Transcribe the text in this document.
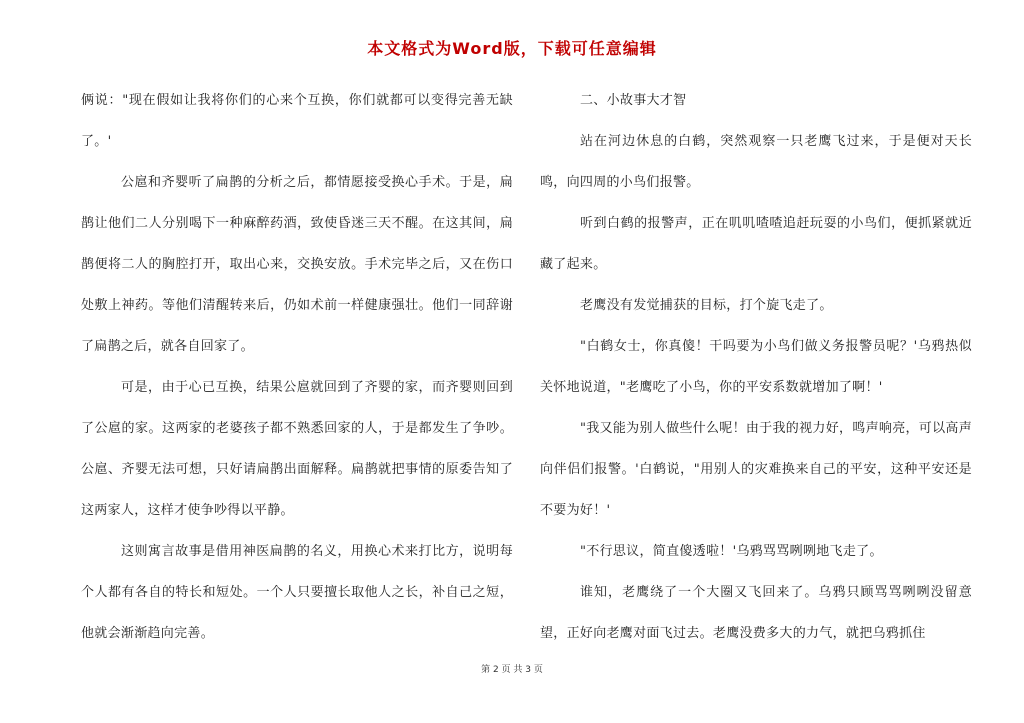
本文格式为Word版，下载可任意编辑

俩说："现在假如让我将你们的心来个互换，你们就都可以变得完善无缺了。'

公扈和齐婴听了扁鹊的分析之后，都情愿接受换心手术。于是，扁鹊让他们二人分别喝下一种麻醉药酒，致使昏迷三天不醒。在这其间，扁鹊便将二人的胸腔打开，取出心来，交换安放。手术完毕之后，又在伤口处敷上神药。等他们清醒转来后，仍如术前一样健康强壮。他们一同辞谢了扁鹊之后，就各自回家了。

可是，由于心已互换，结果公扈就回到了齐婴的家，而齐婴则回到了公扈的家。这两家的老婆孩子都不熟悉回家的人，于是都发生了争吵。公扈、齐婴无法可想，只好请扁鹊出面解释。扁鹊就把事情的原委告知了这两家人，这样才使争吵得以平静。

这则寓言故事是借用神医扁鹊的名义，用换心术来打比方，说明每个人都有各自的特长和短处。一个人只要擅长取他人之长，补自己之短，他就会渐渐趋向完善。

二、小故事大才智

站在河边休息的白鹤，突然观察一只老鹰飞过来，于是便对天长鸣，向四周的小鸟们报警。

听到白鹤的报警声，正在叽叽喳喳追赶玩耍的小鸟们，便抓紧就近藏了起来。

老鹰没有发觉捕获的目标，打个旋飞走了。

"白鹤女士，你真傻！干吗要为小鸟们做义务报警员呢？'乌鸦热似关怀地说道，"老鹰吃了小鸟，你的平安系数就增加了啊！'

"我又能为别人做些什么呢！由于我的视力好，鸣声响亮，可以高声向伴侣们报警。'白鹤说，"用别人的灾难换来自己的平安，这种平安还是不要为好！'

"不行思议，简直傻透啦！'乌鸦骂骂咧咧地飞走了。

谁知，老鹰绕了一个大圈又飞回来了。乌鸦只顾骂骂咧咧没留意望，正好向老鹰对面飞过去。老鹰没费多大的力气，就把乌鸦抓住

第 2 页 共 3 页
